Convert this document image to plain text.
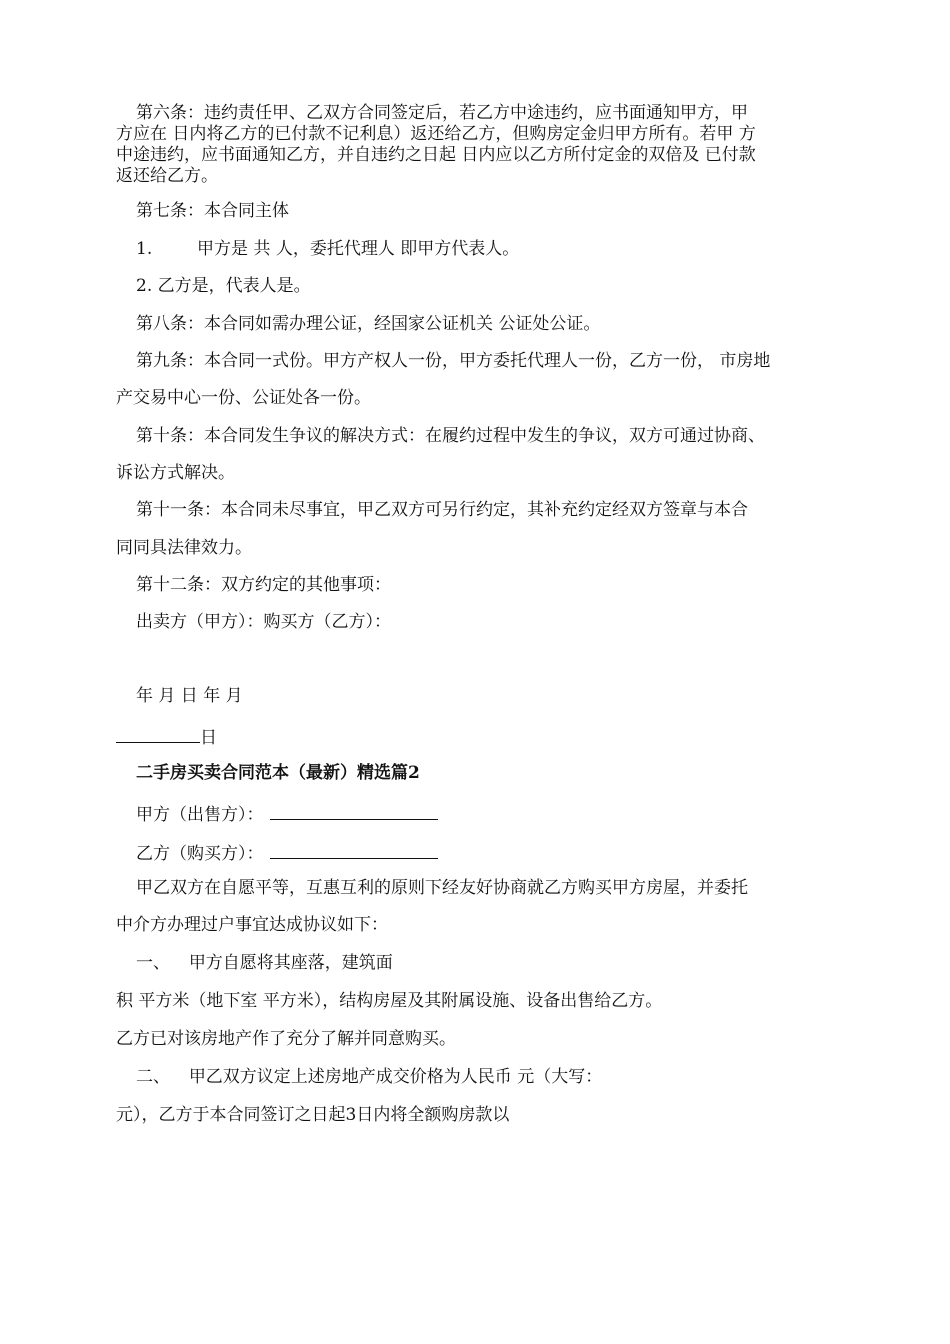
第六条：违约责任甲、乙双方合同签定后，若乙方中途违约，应书面通知甲方，甲
方应在 日内将乙方的已付款不记利息）返还给乙方，但购房定金归甲方所有。若甲 方
中途违约，应书面通知乙方，并自违约之日起 日内应以乙方所付定金的双倍及 已付款
返还给乙方。
第七条：本合同主体
1.	甲方是 共 人，委托代理人 即甲方代表人。
2. 乙方是，代表人是。
第八条：本合同如需办理公证，经国家公证机关 公证处公证。
第九条：本合同一式份。甲方产权人一份，甲方委托代理人一份，乙方一份， 市房地
产交易中心一份、公证处各一份。
第十条：本合同发生争议的解决方式：在履约过程中发生的争议，双方可通过协商、
诉讼方式解决。
第十一条：本合同未尽事宜，甲乙双方可另行约定，其补充约定经双方签章与本合
同同具法律效力。
第十二条：双方约定的其他事项：
出卖方（甲方）：购买方（乙方）：
年 月 日 年 月
日
二手房买卖合同范本（最新）精选篇2
甲方（出售方）：
乙方（购买方）：
甲乙双方在自愿平等，互惠互利的原则下经友好协商就乙方购买甲方房屋，并委托
中介方办理过户事宜达成协议如下：
一、 甲方自愿将其座落，建筑面
积 平方米（地下室 平方米），结构房屋及其附属设施、设备出售给乙方。
乙方已对该房地产作了充分了解并同意购买。
二、 甲乙双方议定上述房地产成交价格为人民币 元（大写：
元），乙方于本合同签订之日起3日内将全额购房款以
